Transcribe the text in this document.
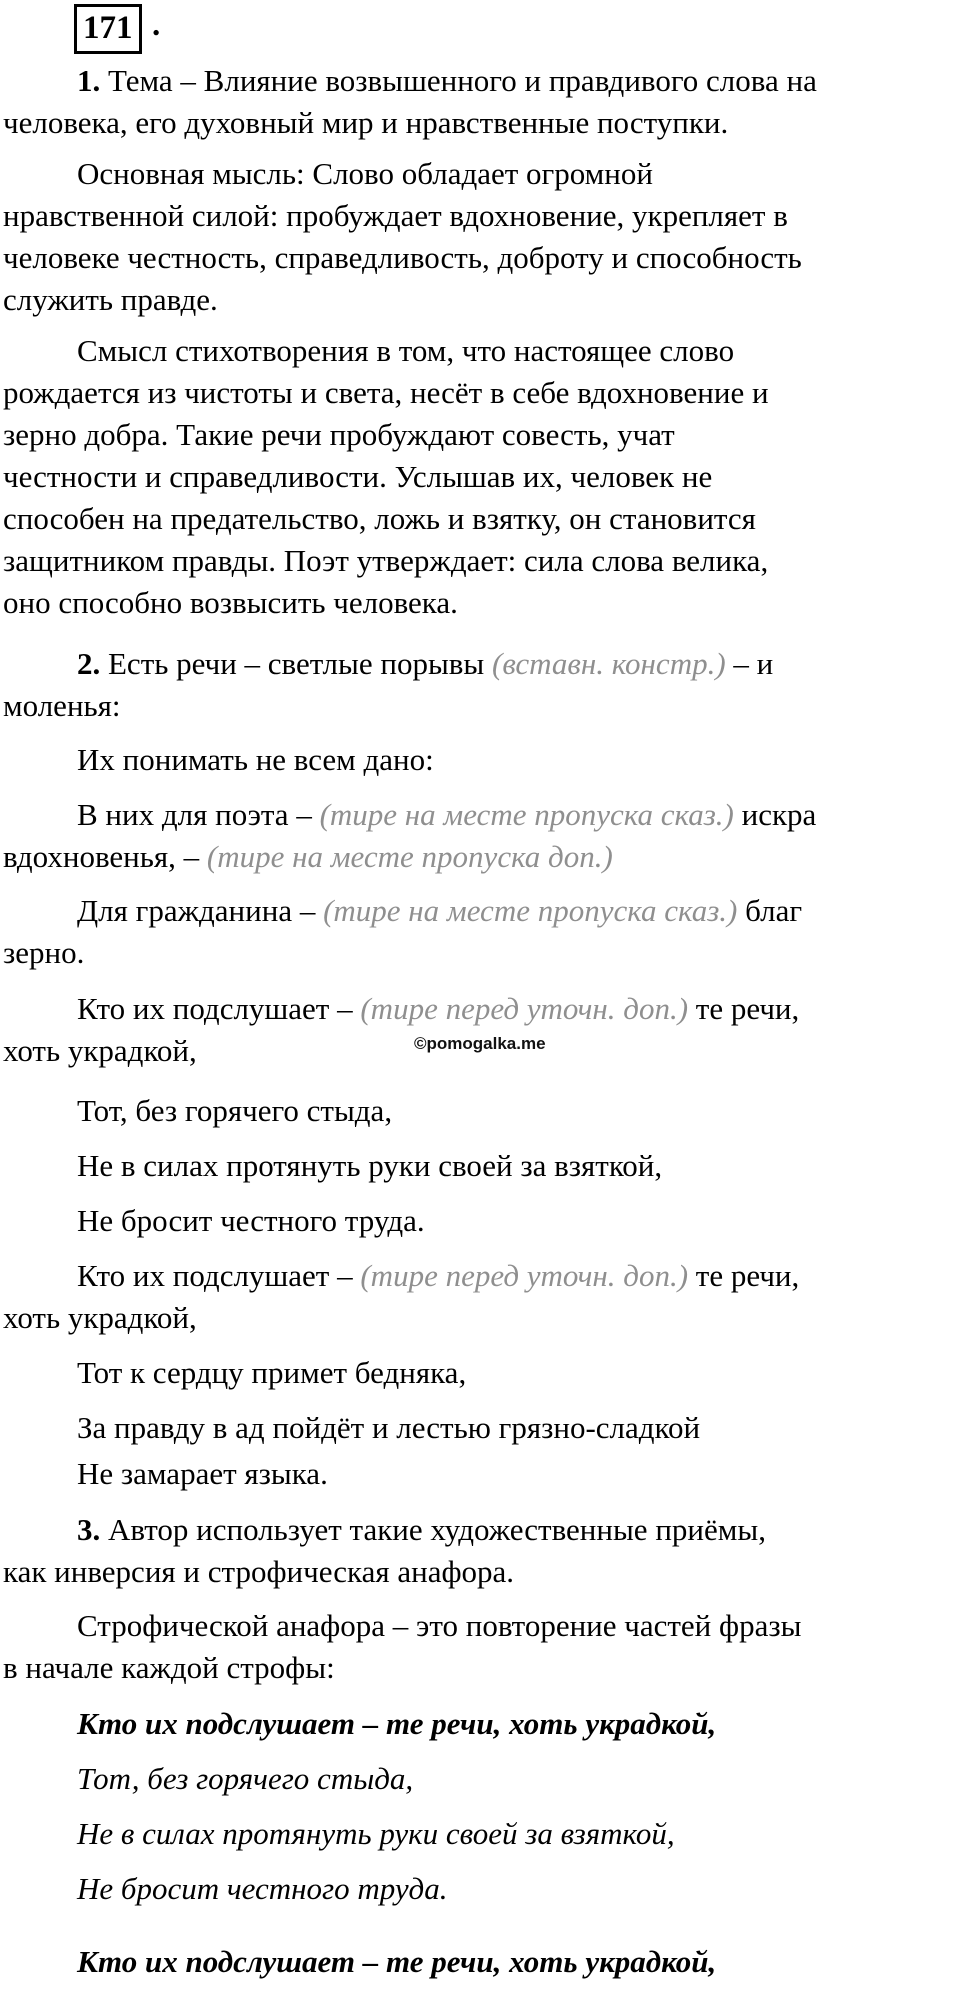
171 .
1. Тема – Влияние возвышенного и правдивого слова на
человека, его духовный мир и нравственные поступки.
Основная мысль: Слово обладает огромной
нравственной силой: пробуждает вдохновение, укрепляет в
человеке честность, справедливость, доброту и способность
служить правде.
Смысл стихотворения в том, что настоящее слово
рождается из чистоты и света, несёт в себе вдохновение и
зерно добра. Такие речи пробуждают совесть, учат
честности и справедливости. Услышав их, человек не
способен на предательство, ложь и взятку, он становится
защитником правды. Поэт утверждает: сила слова велика,
оно способно возвысить человека.
2. Есть речи – светлые порывы (вставн. констр.) – и
моленья:
Их понимать не всем дано:
В них для поэта – (тире на месте пропуска сказ.) искра
вдохновенья, – (тире на месте пропуска доп.)
Для гражданина – (тире на месте пропуска сказ.) благ
зерно.
Кто их подслушает – (тире перед уточн. доп.) те речи,
хоть украдкой,
Тот, без горячего стыда,
Не в силах протянуть руки своей за взяткой,
Не бросит честного труда.
Кто их подслушает – (тире перед уточн. доп.) те речи,
хоть украдкой,
Тот к сердцу примет бедняка,
За правду в ад пойдёт и лестью грязно-сладкой
Не замарает языка.
3. Автор использует такие художественные приёмы,
как инверсия и строфическая анафора.
Строфической анафора – это повторение частей фразы
в начале каждой строфы:
Кто их подслушает – те речи, хоть украдкой,
Тот, без горячего стыда,
Не в силах протянуть руки своей за взяткой,
Не бросит честного труда.
Кто их подслушает – те речи, хоть украдкой,
©pomogalka.me
